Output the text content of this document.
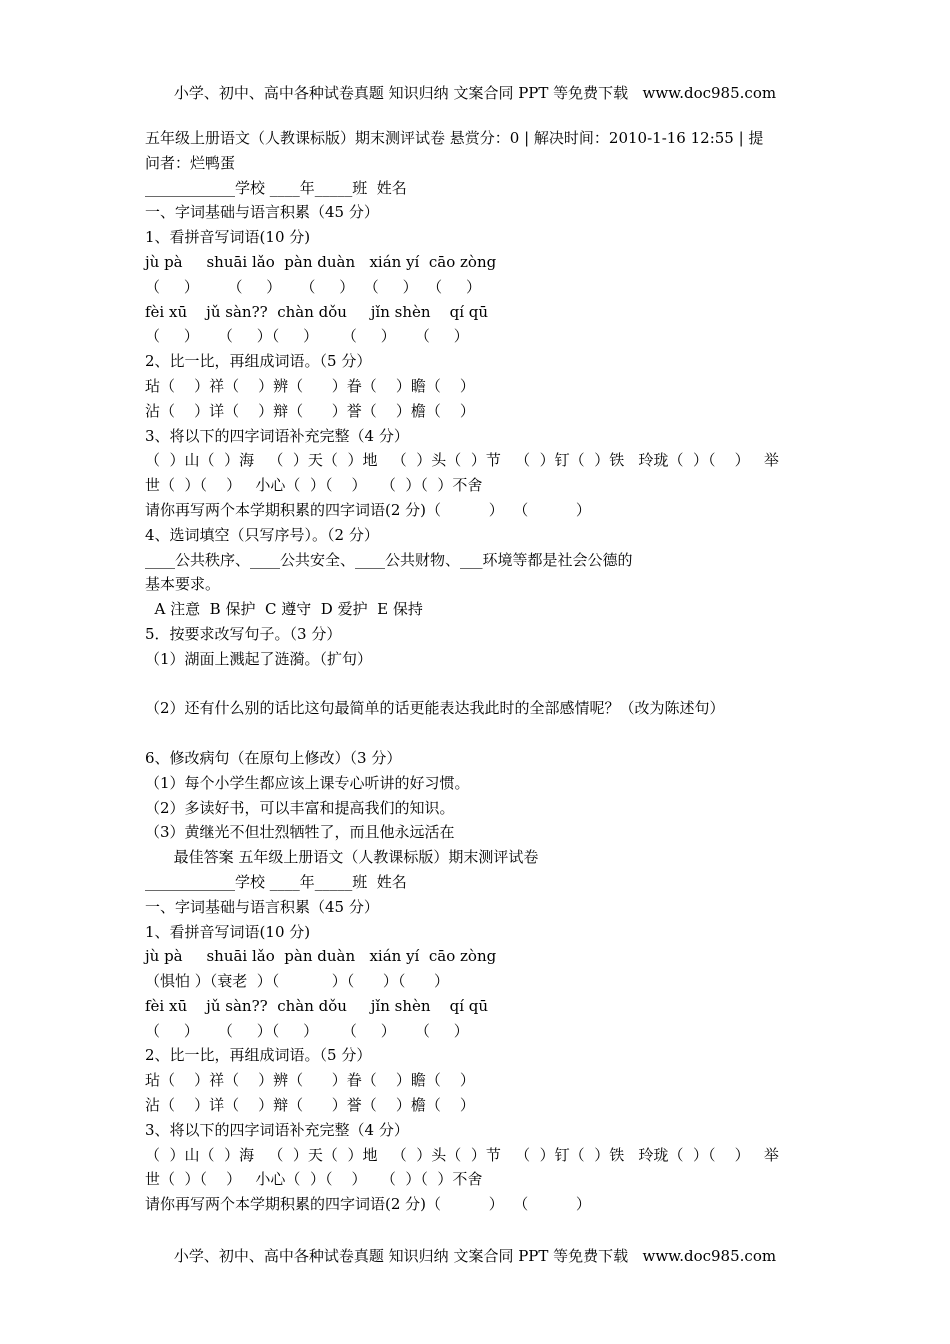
小学、初中、高中各种试卷真题 知识归纳 文案合同 PPT 等免费下载   www.doc985.com
五年级上册语文（人教课标版）期末测评试卷 悬赏分：0 | 解决时间：2010-1-16 12:55 | 提
问者：烂鸭蛋
____________学校 ____年_____班  姓名
一、字词基础与语言积累（45 分）
1、看拼音写词语(10 分)
jù pà     shuāi lǎo  pàn duàn   xián yí  cāo zòng
（     ）      （     ）    （     ）  （     ）  （     ）
fèi xū    jǔ sàn??  chàn dǒu     jǐn shèn    qí qū
（     ）    （     ）（     ）     （     ）    （     ）
2、比一比，再组成词语。（5 分）
玷（    ）祥（    ）辨（      ）眷（    ）瞻（    ）
沾（    ）详（    ）辩（      ）誉（    ）檐（    ）
3、将以下的四字词语补充完整（4 分）
（  ）山（  ）海   （  ）天（  ）地   （  ）头（  ）节   （  ）钉（  ）铁   玲珑（  ）（    ）   举
世（  ）（    ）   小心（  ）（    ）   （  ）（  ）不舍
请你再写两个本学期积累的四字词语(2 分)（          ）  （          ）
4、选词填空（只写序号）。（2 分）
____公共秩序、____公共安全、____公共财物、___环境等都是社会公德的
基本要求。
A 注意  B 保护  C 遵守  D 爱护  E 保持
5．按要求改写句子。（3 分）
（1）湖面上溅起了涟漪。（扩句）
（2）还有什么别的话比这句最简单的话更能表达我此时的全部感情呢？（改为陈述句）
6、修改病句（在原句上修改）（3 分）
（1）每个小学生都应该上课专心听讲的好习惯。
（2）多读好书，可以丰富和提高我们的知识。
（3）黄继光不但壮烈牺牲了，而且他永远活在
最佳答案 五年级上册语文（人教课标版）期末测评试卷
____________学校 ____年_____班  姓名
一、字词基础与语言积累（45 分）
1、看拼音写词语(10 分)
jù pà     shuāi lǎo  pàn duàn   xián yí  cāo zòng
（惧怕 ）（衰老  ）（           ）（      ）（      ）
fèi xū    jǔ sàn??  chàn dǒu     jǐn shèn    qí qū
（     ）    （     ）（     ）     （     ）    （     ）
2、比一比，再组成词语。（5 分）
玷（    ）祥（    ）辨（      ）眷（    ）瞻（    ）
沾（    ）详（    ）辩（      ）誉（    ）檐（    ）
3、将以下的四字词语补充完整（4 分）
（  ）山（  ）海   （  ）天（  ）地   （  ）头（  ）节   （  ）钉（  ）铁   玲珑（  ）（    ）   举
世（  ）（    ）   小心（  ）（    ）   （  ）（  ）不舍
请你再写两个本学期积累的四字词语(2 分)（          ）  （          ）
小学、初中、高中各种试卷真题 知识归纳 文案合同 PPT 等免费下载   www.doc985.com
